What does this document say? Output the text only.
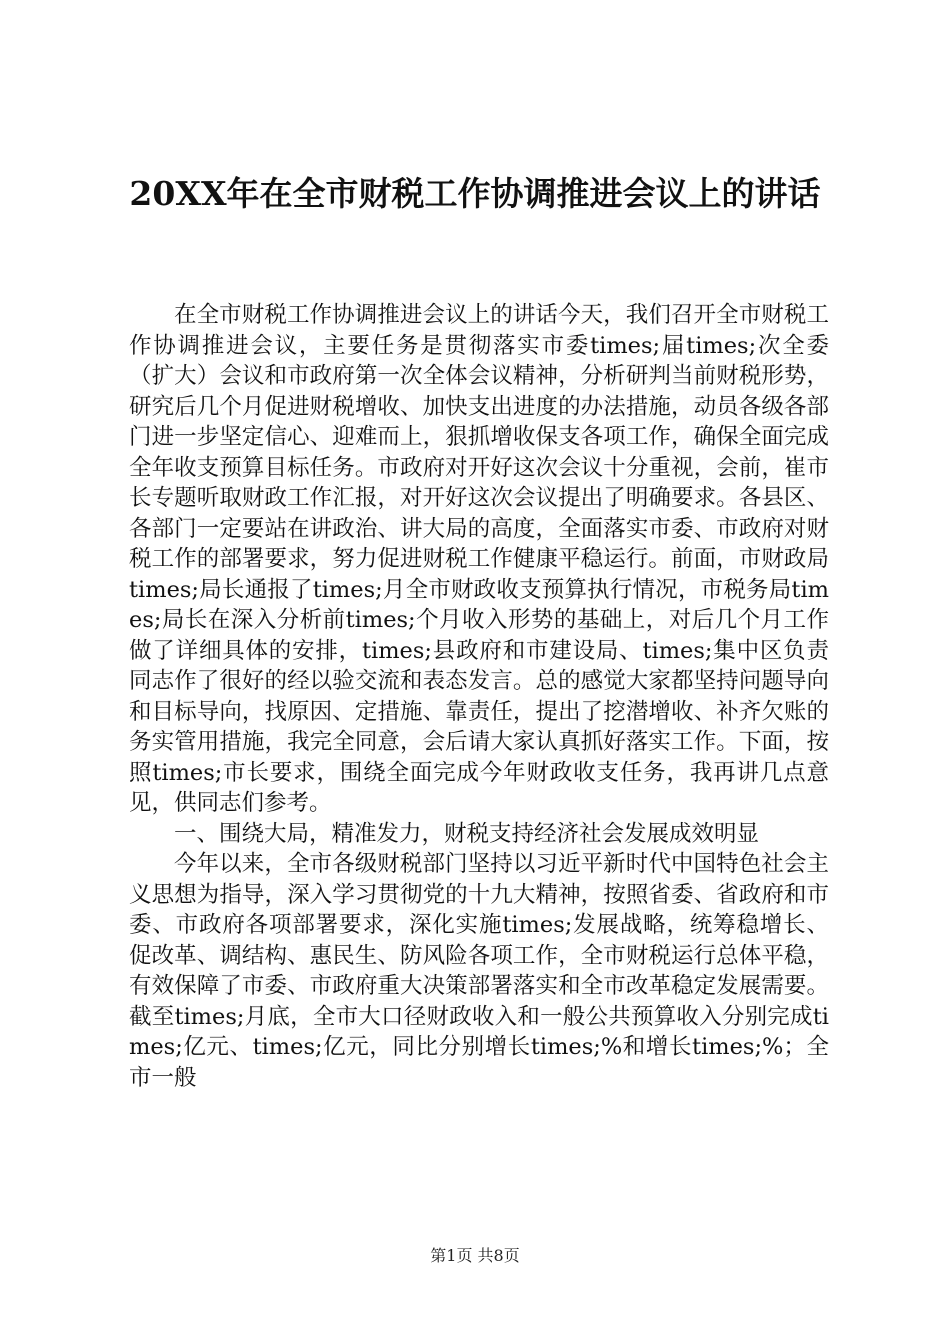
20XX年在全市财税工作协调推进会议上的讲话

在全市财税工作协调推进会议上的讲话今天，我们召开全市财税工作协调推进会议，主要任务是贯彻落实市委times;届times;次全委（扩大）会议和市政府第一次全体会议精神，分析研判当前财税形势，研究后几个月促进财税增收、加快支出进度的办法措施，动员各级各部门进一步坚定信心、迎难而上，狠抓增收保支各项工作，确保全面完成全年收支预算目标任务。市政府对开好这次会议十分重视，会前，崔市长专题听取财政工作汇报，对开好这次会议提出了明确要求。各县区、各部门一定要站在讲政治、讲大局的高度，全面落实市委、市政府对财税工作的部署要求，努力促进财税工作健康平稳运行。前面，市财政局times;局长通报了times;月全市财政收支预算执行情况，市税务局times;局长在深入分析前times;个月收入形势的基础上，对后几个月工作做了详细具体的安排，times;县政府和市建设局、times;集中区负责同志作了很好的经以验交流和表态发言。总的感觉大家都坚持问题导向和目标导向，找原因、定措施、靠责任，提出了挖潜增收、补齐欠账的务实管用措施，我完全同意，会后请大家认真抓好落实工作。下面，按照times;市长要求，围绕全面完成今年财政收支任务，我再讲几点意见，供同志们参考。

一、围绕大局，精准发力，财税支持经济社会发展成效明显

今年以来，全市各级财税部门坚持以习近平新时代中国特色社会主义思想为指导，深入学习贯彻党的十九大精神，按照省委、省政府和市委、市政府各项部署要求，深化实施times;发展战略，统筹稳增长、促改革、调结构、惠民生、防风险各项工作，全市财税运行总体平稳，有效保障了市委、市政府重大决策部署落实和全市改革稳定发展需要。截至times;月底，全市大口径财政收入和一般公共预算收入分别完成times;亿元、times;亿元，同比分别增长times;%和增长times;%；全市一般

第1页 共8页
